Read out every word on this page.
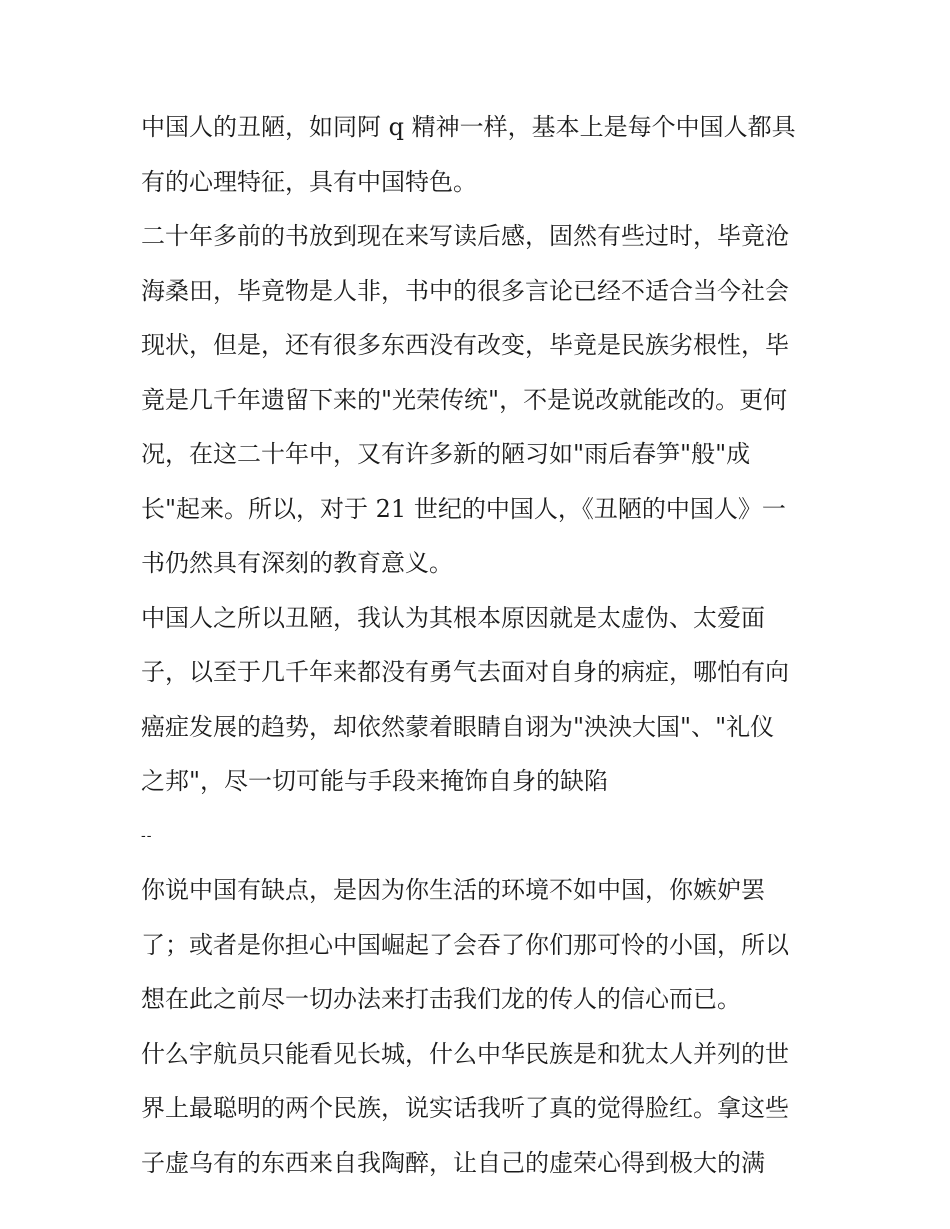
中国人的丑陋，如同阿 q 精神一样，基本上是每个中国人都具
有的心理特征，具有中国特色。
二十年多前的书放到现在来写读后感，固然有些过时，毕竟沧
海桑田，毕竟物是人非，书中的很多言论已经不适合当今社会
现状，但是，还有很多东西没有改变，毕竟是民族劣根性，毕
竟是几千年遗留下来的"光荣传统"，不是说改就能改的。更何
况，在这二十年中，又有许多新的陋习如"雨后春笋"般"成
长"起来。所以，对于 21 世纪的中国人，《丑陋的中国人》一
书仍然具有深刻的教育意义。
中国人之所以丑陋，我认为其根本原因就是太虚伪、太爱面
子，以至于几千年来都没有勇气去面对自身的病症，哪怕有向
癌症发展的趋势，却依然蒙着眼睛自诩为"泱泱大国"、"礼仪
之邦"，尽一切可能与手段来掩饰自身的缺陷
--
你说中国有缺点，是因为你生活的环境不如中国，你嫉妒罢
了；或者是你担心中国崛起了会吞了你们那可怜的小国，所以
想在此之前尽一切办法来打击我们龙的传人的信心而已。
什么宇航员只能看见长城，什么中华民族是和犹太人并列的世
界上最聪明的两个民族，说实话我听了真的觉得脸红。拿这些
子虚乌有的东西来自我陶醉，让自己的虚荣心得到极大的满
